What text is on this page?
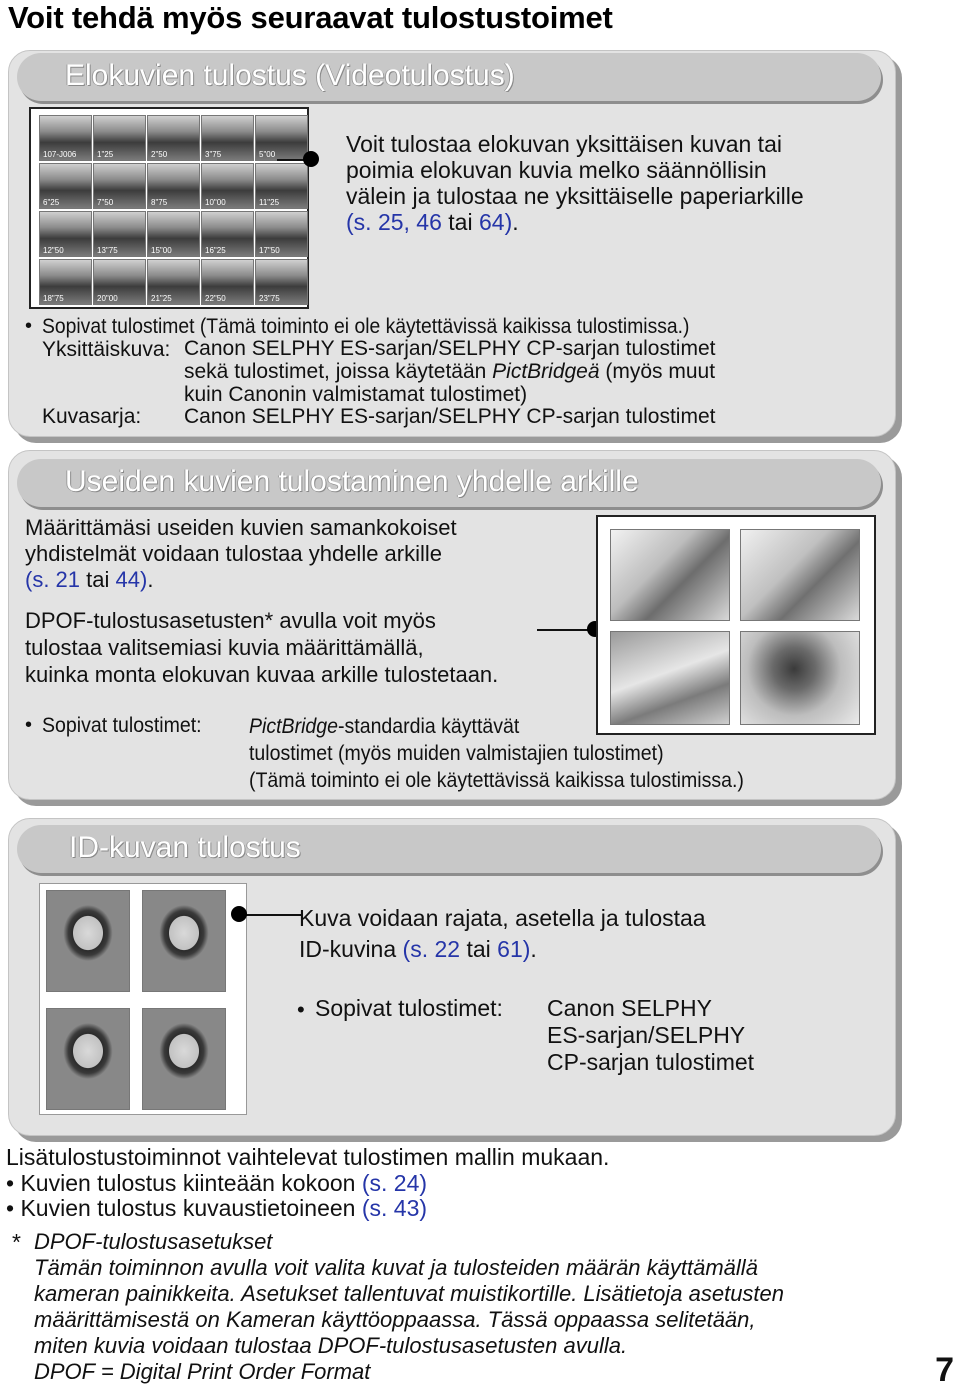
Voit tehdä myös seuraavat tulostustoimet
Elokuvien tulostus (Videotulostus)
107-J006	1"25	2"50	3"75	5"00
6"25	7"50	8"75	10"00	11"25
12"50	13"75	15"00	16"25	17"50
18"75	20"00	21"25	22"50	23"75

Voit tulostaa elokuvan yksittäisen kuvan tai
poimia elokuvan kuvia melko säännöllisin
välein ja tulostaa ne yksittäiselle paperiarkille
(s. 25, 46 tai 64).

• Sopivat tulostimet (Tämä toiminto ei ole käytettävissä kaikissa tulostimissa.)

Yksittäiskuva: Canon SELPHY ES-sarjan/SELPHY CP-sarjan tulostimet
sekä tulostimet, joissa käytetään PictBridgeä (myös muut
kuin Canonin valmistamat tulostimet)

Kuvasarja: Canon SELPHY ES-sarjan/SELPHY CP-sarjan tulostimet

Useiden kuvien tulostaminen yhdelle arkille

Määrittämäsi useiden kuvien samankokoiset
yhdistelmät voidaan tulostaa yhdelle arkille
(s. 21 tai 44).

DPOF-tulostusasetusten* avulla voit myös
tulostaa valitsemiasi kuvia määrittämällä,
kuinka monta elokuvan kuvaa arkille tulostetaan.

• Sopivat tulostimet: PictBridge-standardia käyttävät
tulostimet (myös muiden valmistajien tulostimet)
(Tämä toiminto ei ole käytettävissä kaikissa tulostimissa.)

ID-kuvan tulostus

Kuva voidaan rajata, asetella ja tulostaa
ID-kuvina (s. 22 tai 61).

• Sopivat tulostimet: Canon SELPHY
ES-sarjan/SELPHY
CP-sarjan tulostimet

Lisätulostustoiminnot vaihtelevat tulostimen mallin mukaan.

• Kuvien tulostus kiinteään kokoon (s. 24)

• Kuvien tulostus kuvaustietoineen (s. 43)

* DPOF-tulostusasetukset
Tämän toiminnon avulla voit valita kuvat ja tulosteiden määrän käyttämällä
kameran painikkeita. Asetukset tallentuvat muistikortille. Lisätietoja asetusten
määrittämisestä on Kameran käyttöoppaassa. Tässä oppaassa selitetään,
miten kuvia voidaan tulostaa DPOF-tulostusasetusten avulla.
DPOF = Digital Print Order Format	7
